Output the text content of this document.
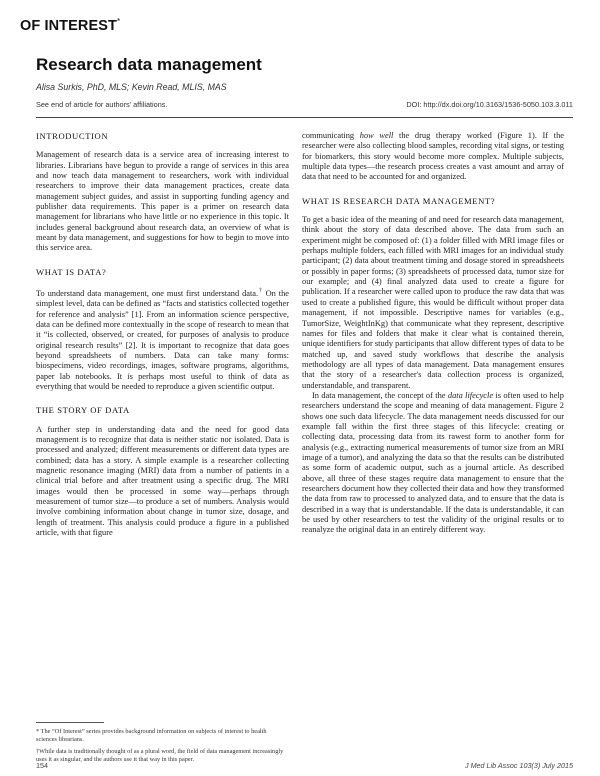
OF INTEREST*
Research data management
Alisa Surkis, PhD, MLS; Kevin Read, MLIS, MAS
See end of article for authors' affiliations.	DOI: http://dx.doi.org/10.3163/1536-5050.103.3.011
INTRODUCTION

Management of research data is a service area of increasing interest to libraries. Librarians have begun to provide a range of services in this area and now teach data management to researchers, work with individual researchers to improve their data management practices, create data management subject guides, and assist in supporting funding agency and publisher data requirements. This paper is a primer on research data management for librarians who have little or no experience in this topic. It includes general background about research data, an overview of what is meant by data management, and suggestions for how to begin to move into this service area.

WHAT IS DATA?

To understand data management, one must first understand data.† On the simplest level, data can be defined as “facts and statistics collected together for reference and analysis” [1]. From an information science perspective, data can be defined more contextually in the scope of research to mean that it “is collected, observed, or created, for purposes of analysis to produce original research results” [2]. It is important to recognize that data goes beyond spreadsheets of numbers. Data can take many forms: biospecimens, video recordings, images, software programs, algorithms, paper lab notebooks. It is perhaps most useful to think of data as everything that would be needed to reproduce a given scientific output.

THE STORY OF DATA

A further step in understanding data and the need for good data management is to recognize that data is neither static nor isolated. Data is processed and analyzed; different measurements or different data types are combined; data has a story. A simple example is a researcher collecting magnetic resonance imaging (MRI) data from a number of patients in a clinical trial before and after treatment using a specific drug. The MRI images would then be processed in some way—perhaps through measurement of tumor size—to produce a set of numbers. Analysis would involve combining information about change in tumor size, dosage, and length of treatment. This analysis could produce a figure in a published article, with that figure

communicating how well the drug therapy worked (Figure 1). If the researcher were also collecting blood samples, recording vital signs, or testing for biomarkers, this story would become more complex. Multiple subjects, multiple data types—the research process creates a vast amount and array of data that need to be accounted for and organized.

WHAT IS RESEARCH DATA MANAGEMENT?

To get a basic idea of the meaning of and need for research data management, think about the story of data described above. The data from such an experiment might be composed of: (1) a folder filled with MRI image files or perhaps multiple folders, each filled with MRI images for an individual study participant; (2) data about treatment timing and dosage stored in spreadsheets or possibly in paper forms; (3) spreadsheets of processed data, tumor size for our example; and (4) final analyzed data used to create a figure for publication. If a researcher were called upon to produce the raw data that was used to create a published figure, this would be difficult without proper data management, if not impossible. Descriptive names for variables (e.g., TumorSize, WeightInKg) that communicate what they represent, descriptive names for files and folders that make it clear what is contained therein, unique identifiers for study participants that allow different types of data to be matched up, and saved study workflows that describe the analysis methodology are all types of data management. Data management ensures that the story of a researcher's data collection process is organized, understandable, and transparent.

In data management, the concept of the data lifecycle is often used to help researchers understand the scope and meaning of data management. Figure 2 shows one such data lifecycle. The data management needs discussed for our example fall within the first three stages of this lifecycle: creating or collecting data, processing data from its rawest form to another form for analysis (e.g., extracting numerical measurements of tumor size from an MRI image of a tumor), and analyzing the data so that the results can be distributed as some form of academic output, such as a journal article. As described above, all three of these stages require data management to ensure that the researchers document how they collected their data and how they transformed the data from raw to processed to analyzed data, and to ensure that the data is described in a way that is understandable. If the data is understandable, it can be used by other researchers to test the validity of the original results or to reanalyze the original data in an entirely different way.

* The “Of Interest” series provides background information on subjects of interest to health sciences librarians.

†While data is traditionally thought of as a plural word, the field of data management increasingly uses it as singular, and the authors use it that way in this paper.

154	J Med Lib Assoc 103(3) July 2015
